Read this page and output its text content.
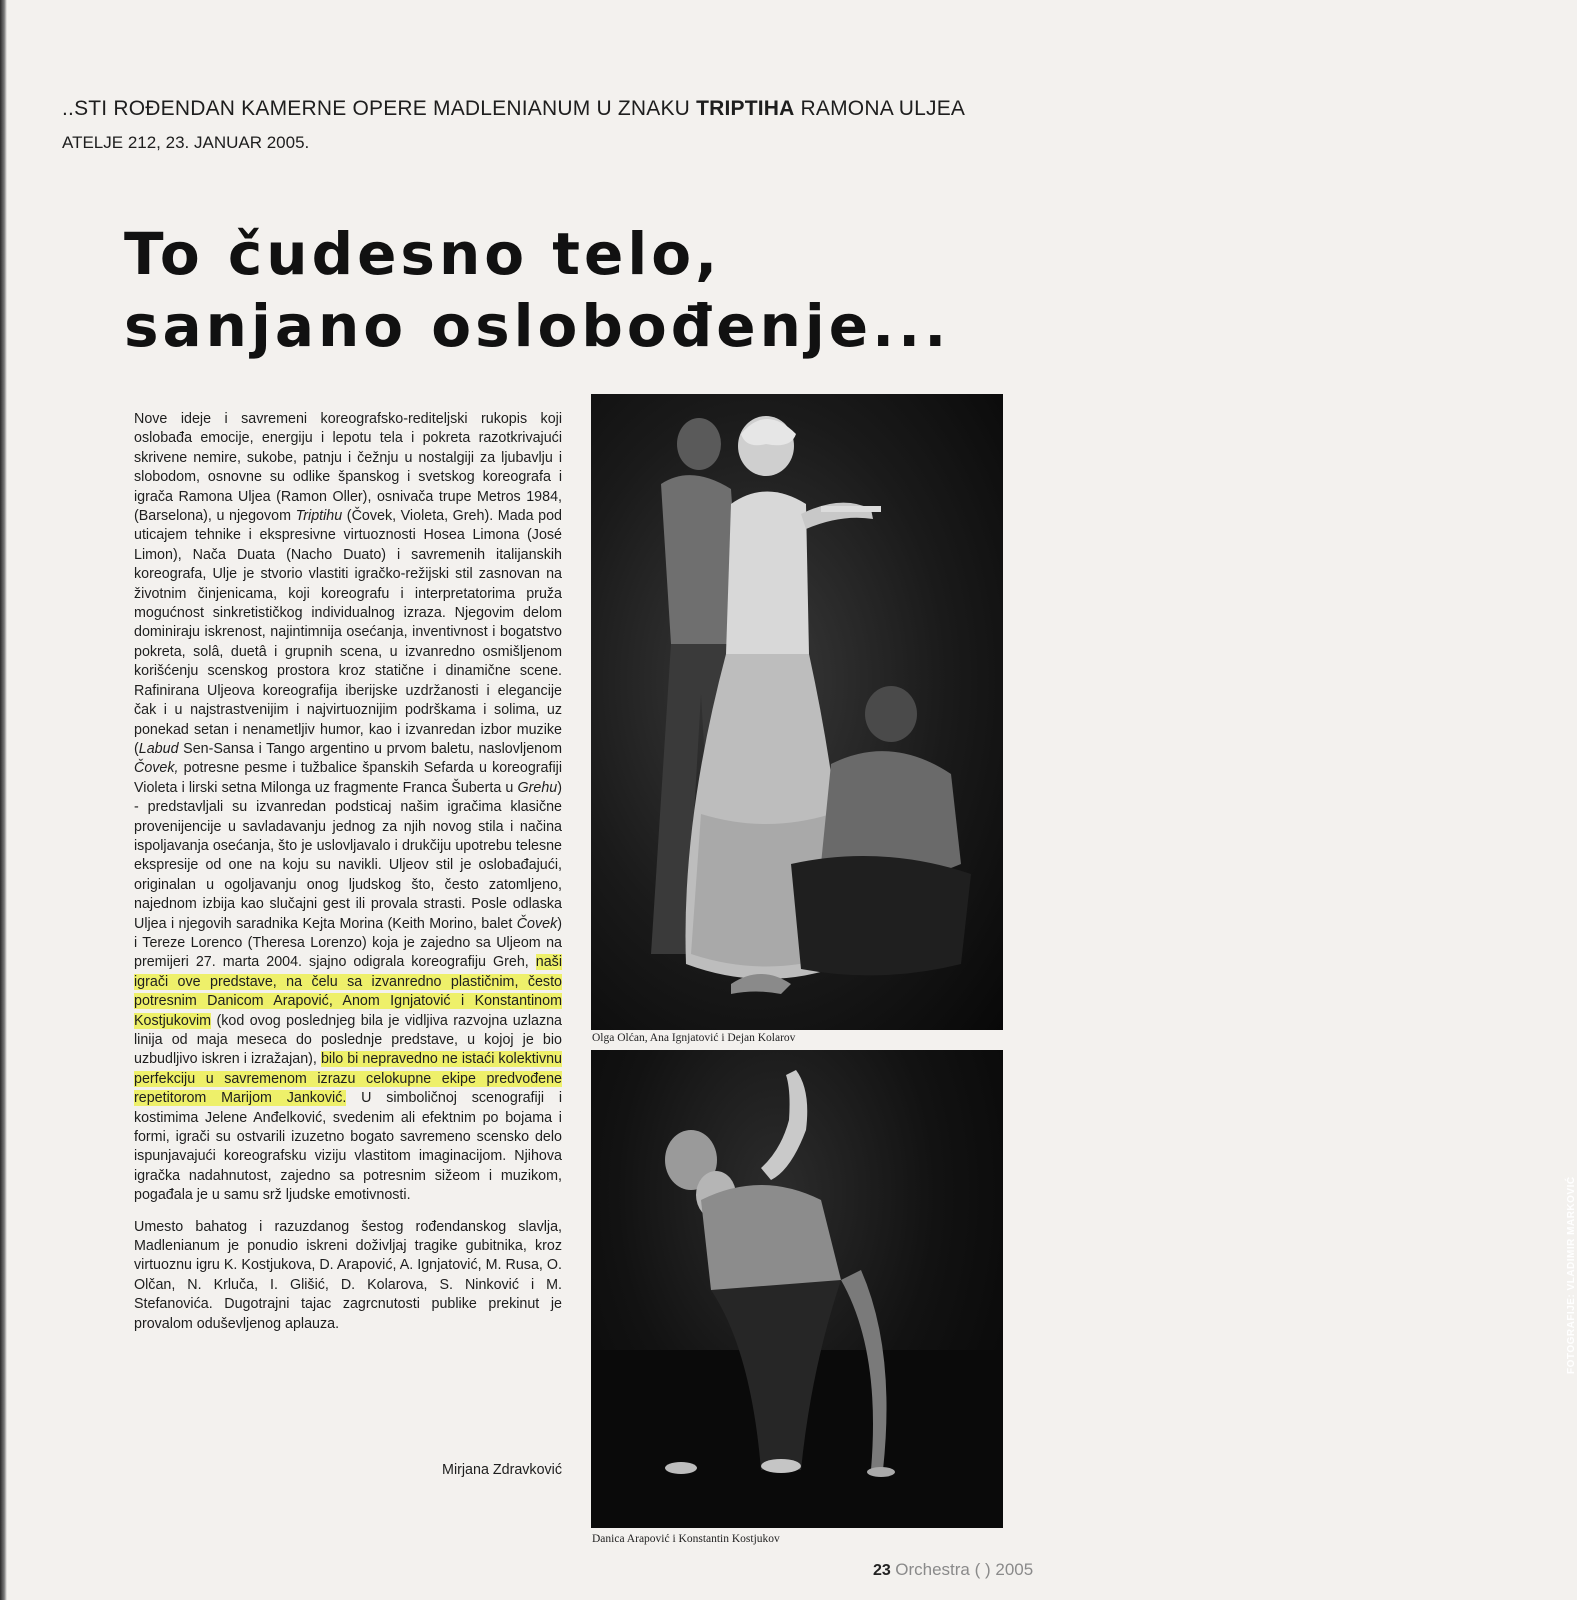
..STI ROĐENDAN KAMERNE OPERE MADLENIANUM U ZNAKU TRIPTIHA RAMONA ULJEA
ATELJE 212, 23. JANUAR 2005.
To čudesno telo,
sanjano oslobođenje...

Nove ideje i savremeni koreografsko-rediteljski rukopis koji oslobađa emocije, energiju i lepotu tela i pokreta razotkrivajući skrivene nemire, sukobe, patnju i čežnju u nostalgiji za ljubavlju i slobodom, osnovne su odlike španskog i svetskog koreografa i igrača Ramona Uljea (Ramon Oller), osnivača trupe Metros 1984, (Barselona), u njegovom Triptihu (Čovek, Violeta, Greh). Mada pod uticajem tehnike i ekspresivne virtuoznosti Hosea Limona (José Limon), Nača Duata (Nacho Duato) i savremenih italijanskih koreografa, Ulje je stvorio vlastiti igračko-režijski stil zasnovan na životnim činjenicama, koji koreografu i interpretatorima pruža mogućnost sinkretističkog individualnog izraza. Njegovim delom dominiraju iskrenost, najintimnija osećanja, inventivnost i bogatstvo pokreta, solâ, duetâ i grupnih scena, u izvanredno osmišljenom korišćenju scenskog prostora kroz statične i dinamične scene. Rafinirana Uljeova koreografija iberijske uzdržanosti i elegancije čak i u najstrastvenijim i najvirtuoznijim podrškama i solima, uz ponekad setan i nenametljiv humor, kao i izvanredan izbor muzike (Labud Sen-Sansa i Tango argentino u prvom baletu, naslovljenom Čovek, potresne pesme i tužbalice španskih Sefarda u koreografiji Violeta i lirski setna Milonga uz fragmente Franca Šuberta u Grehu) - predstavljali su izvanredan podsticaj našim igračima klasične provenijencije u savladavanju jednog za njih novog stila i načina ispoljavanja osećanja, što je uslovljavalo i drukčiju upotrebu telesne ekspresije od one na koju su navikli. Uljeov stil je oslobađajući, originalan u ogoljavanju onog ljudskog što, često zatomljeno, najednom izbija kao slučajni gest ili provala strasti. Posle odlaska Uljea i njegovih saradnika Kejta Morina (Keith Morino, balet Čovek) i Tereze Lorenco (Theresa Lorenzo) koja je zajedno sa Uljeom na premijeri 27. marta 2004. sjajno odigrala koreografiju Greh, naši igrači ove predstave, na čelu sa izvanredno plastičnim, često potresnim Danicom Arapović, Anom Ignjatović i Konstantinom Kostjukovim (kod ovog poslednjeg bila je vidljiva razvojna uzlazna linija od maja meseca do poslednje predstave, u kojoj je bio uzbudljivo iskren i izražajan), bilo bi nepravedno ne istaći kolektivnu perfekciju u savremenom izrazu celokupne ekipe predvođene repetitorom Marijom Janković. U simboličnoj scenografiji i kostimima Jelene Anđelković, svedenim ali efektnim po bojama i formi, igrači su ostvarili izuzetno bogato savremeno scensko delo ispunjavajući koreografsku viziju vlastitom imaginacijom. Njihova igračka nadahnutost, zajedno sa potresnim sižeom i muzikom, pogađala je u samu srž ljudske emotivnosti.

Umesto bahatog i razuzdanog šestog rođendanskog slavlja, Madlenianum je ponudio iskreni doživljaj tragike gubitnika, kroz virtuoznu igru K. Kostjukova, D. Arapović, A. Ignjatović, M. Rusa, O. Olčan, N. Krluča, I. Glišić, D. Kolarova, S. Ninković i M. Stefanovića. Dugotrajni tajac zagrcnutosti publike prekinut je provalom oduševljenog aplauza.

Mirjana Zdravković
FOTOGRAFIJE: VLADIMIR MARKOVIĆ
Olga Olćan, Ana Ignjatović i Dejan Kolarov
Danica Arapović i Konstantin Kostjukov
23 Orchestra ( ) 2005
